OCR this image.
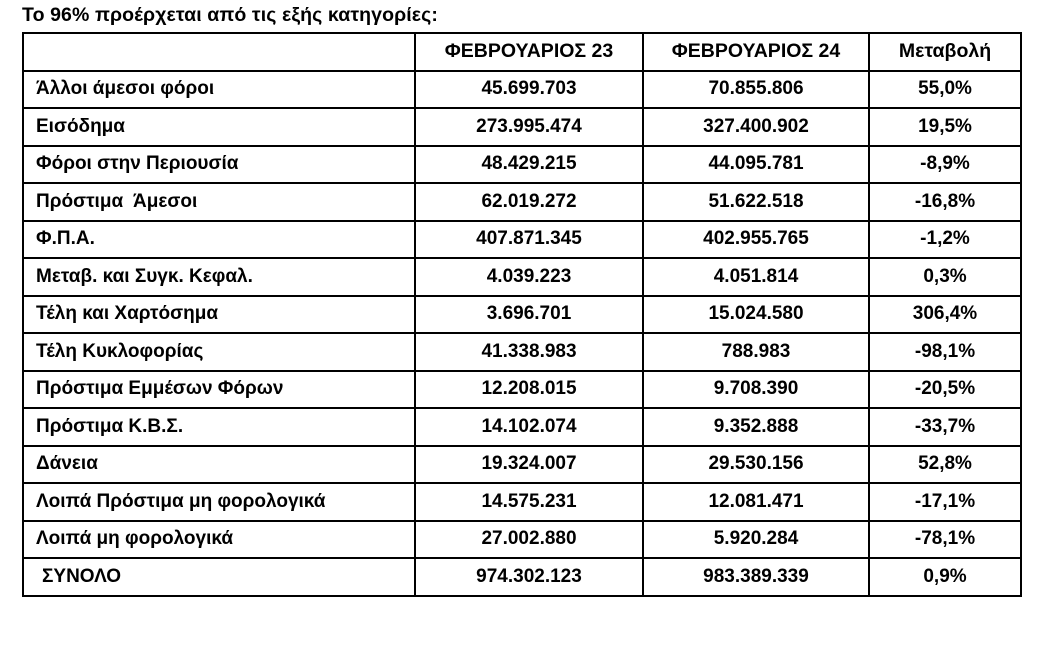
Το 96% προέρχεται από τις εξής κατηγορίες:
	ΦΕΒΡΟΥΑΡΙΟΣ 23	ΦΕΒΡΟΥΑΡΙΟΣ 24	Μεταβολή
Άλλοι άμεσοι φόροι	45.699.703	70.855.806	55,0%
Εισόδημα	273.995.474	327.400.902	19,5%
Φόροι στην Περιουσία	48.429.215	44.095.781	-8,9%
Πρόστιμα  Άμεσοι	62.019.272	51.622.518	-16,8%
Φ.Π.Α.	407.871.345	402.955.765	-1,2%
Μεταβ. και Συγκ. Κεφαλ.	4.039.223	4.051.814	0,3%
Τέλη και Χαρτόσημα	3.696.701	15.024.580	306,4%
Τέλη Κυκλοφορίας	41.338.983	788.983	-98,1%
Πρόστιμα Εμμέσων Φόρων	12.208.015	9.708.390	-20,5%
Πρόστιμα Κ.Β.Σ.	14.102.074	9.352.888	-33,7%
Δάνεια	19.324.007	29.530.156	52,8%
Λοιπά Πρόστιμα μη φορολογικά	14.575.231	12.081.471	-17,1%
Λοιπά μη φορολογικά	27.002.880	5.920.284	-78,1%
ΣΥΝΟΛΟ	974.302.123	983.389.339	0,9%
